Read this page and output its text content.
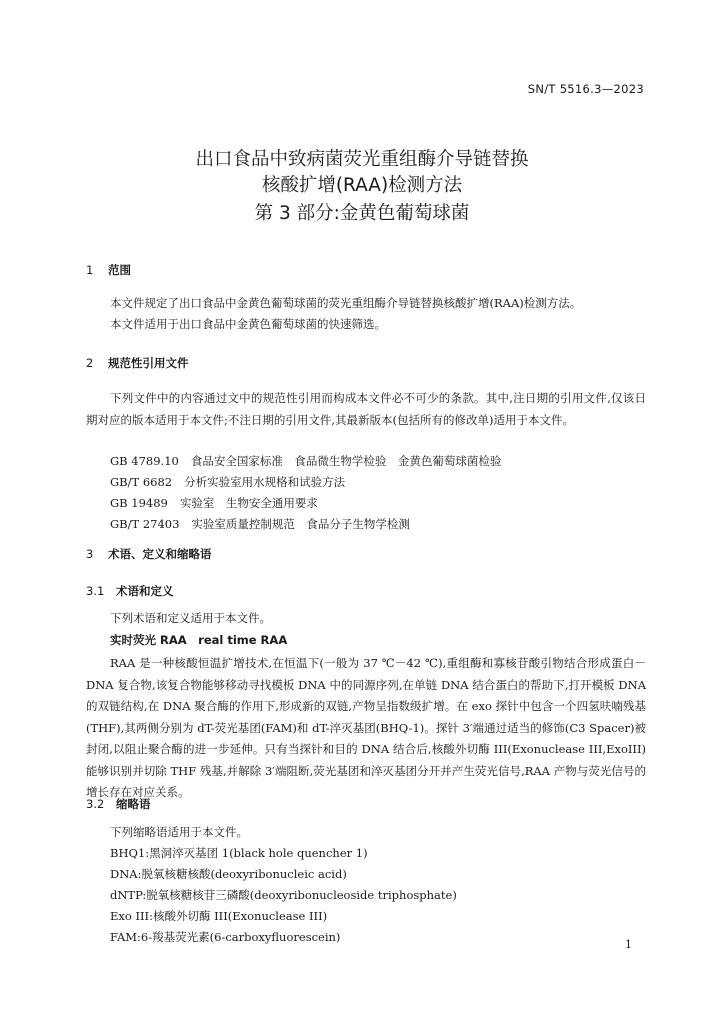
SN/T 5516.3—2023
出口食品中致病菌荧光重组酶介导链替换
核酸扩增(RAA)检测方法
第 3 部分:金黄色葡萄球菌
1 范围
本文件规定了出口食品中金黄色葡萄球菌的荧光重组酶介导链替换核酸扩增(RAA)检测方法。
本文件适用于出口食品中金黄色葡萄球菌的快速筛选。
2 规范性引用文件
下列文件中的内容通过文中的规范性引用而构成本文件必不可少的条款。其中,注日期的引用文件,仅该日期对应的版本适用于本文件;不注日期的引用文件,其最新版本(包括所有的修改单)适用于本文件。
GB 4789.10 食品安全国家标准　食品微生物学检验　金黄色葡萄球菌检验
GB/T 6682 分析实验室用水规格和试验方法
GB 19489 实验室　生物安全通用要求
GB/T 27403 实验室质量控制规范　食品分子生物学检测
3 术语、定义和缩略语
3.1 术语和定义
下列术语和定义适用于本文件。
实时荧光 RAA　real time RAA
RAA 是一种核酸恒温扩增技术,在恒温下(一般为 37 ℃－42 ℃),重组酶和寡核苷酸引物结合形成蛋白－DNA 复合物,该复合物能够移动寻找模板 DNA 中的同源序列,在单链 DNA 结合蛋白的帮助下,打开模板 DNA 的双链结构,在 DNA 聚合酶的作用下,形成新的双链,产物呈指数级扩增。在 exo 探针中包含一个四氢呋喃残基(THF),其两侧分别为 dT-荧光基团(FAM)和 dT-淬灭基团(BHQ-1)。探针 3′端通过适当的修饰(C3 Spacer)被封闭,以阻止聚合酶的进一步延伸。只有当探针和目的 DNA 结合后,核酸外切酶 III(Exonuclease III,ExoIII)能够识别并切除 THF 残基,并解除 3′端阻断,荧光基团和淬灭基团分开并产生荧光信号,RAA 产物与荧光信号的增长存在对应关系。
3.2 缩略语
下列缩略语适用于本文件。
BHQ1:黑洞淬灭基团 1(black hole quencher 1)
DNA:脱氧核糖核酸(deoxyribonucleic acid)
dNTP:脱氧核糖核苷三磷酸(deoxyribonucleoside triphosphate)
Exo III:核酸外切酶 III(Exonuclease III)
FAM:6-羧基荧光素(6-carboxyfluorescein)
1
